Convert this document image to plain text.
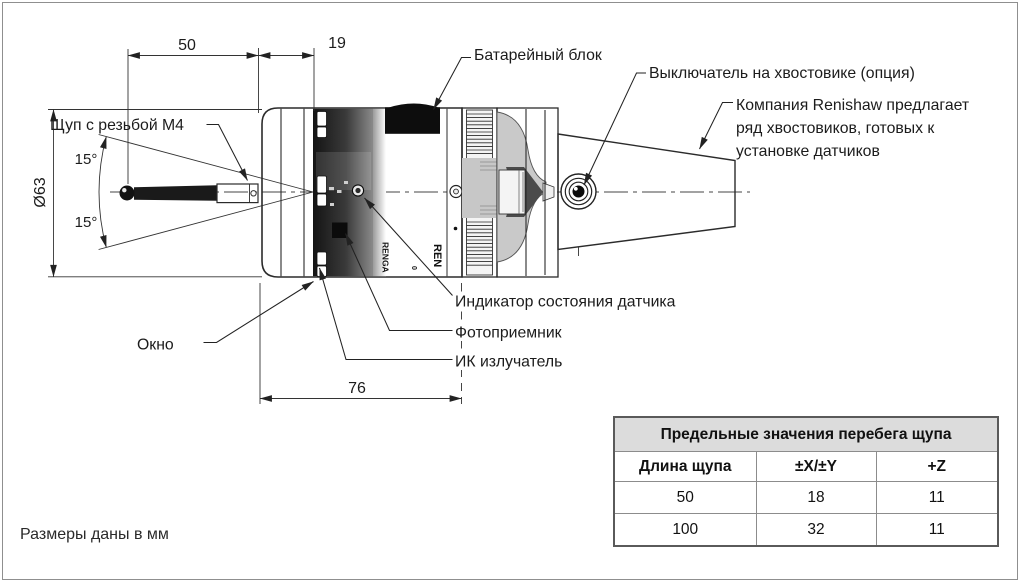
15°
15°
RENGA	REN
0
50	19
Ø63
76
Щуп с резьбой M4
Батарейный блок
Выключатель на хвостовике (опция)
Компания Renishaw предлагает
ряд хвостовиков, готовых к
установке датчиков
Индикатор состояния датчика
Фотоприемник
ИК излучатель
Окно
Предельные значения перебега щупа		
Длина щупа	±X/±Y	+Z
50	18	11
100	32	11
Размеры даны в мм
